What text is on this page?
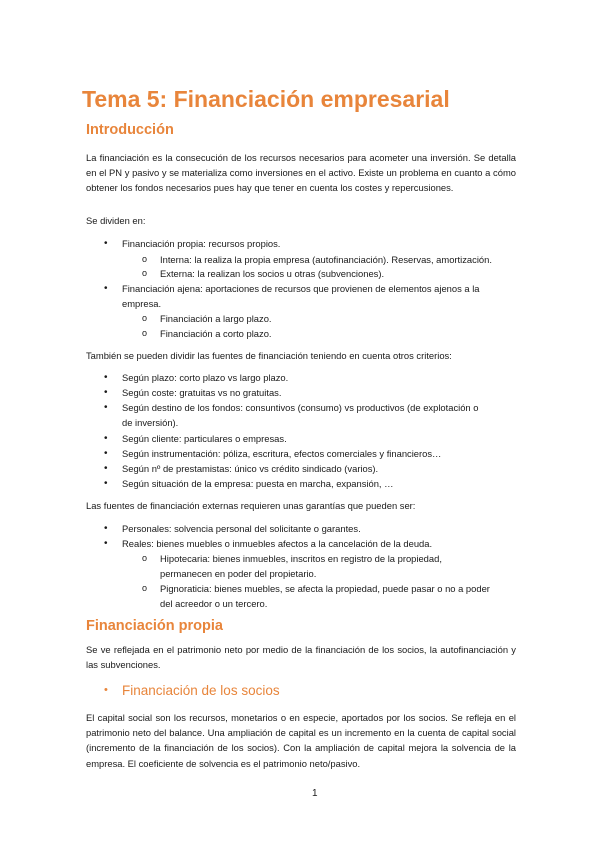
Tema 5: Financiación empresarial
Introducción

La financiación es la consecución de los recursos necesarios para acometer una inversión. Se detalla en el PN y pasivo y se materializa como inversiones en el activo. Existe un problema en cuanto a cómo obtener los fondos necesarios pues hay que tener en cuenta los costes y repercusiones.

Se dividen en:
• Financiación propia: recursos propios.
o Interna: la realiza la propia empresa (autofinanciación). Reservas, amortización.
o Externa: la realizan los socios u otras (subvenciones).
• Financiación ajena: aportaciones de recursos que provienen de elementos ajenos a la
empresa.
o Financiación a largo plazo.
o Financiación a corto plazo.
También se pueden dividir las fuentes de financiación teniendo en cuenta otros criterios:
• Según plazo: corto plazo vs largo plazo.
• Según coste: gratuitas vs no gratuitas.
• Según destino de los fondos: consuntivos (consumo) vs productivos (de explotación o
de inversión).
• Según cliente: particulares o empresas.
• Según instrumentación: póliza, escritura, efectos comerciales y financieros…
• Según nº de prestamistas: único vs crédito sindicado (varios).
• Según situación de la empresa: puesta en marcha, expansión, …
Las fuentes de financiación externas requieren unas garantías que pueden ser:
• Personales: solvencia personal del solicitante o garantes.
• Reales: bienes muebles o inmuebles afectos a la cancelación de la deuda.
o Hipotecaria: bienes inmuebles, inscritos en registro de la propiedad,
permanecen en poder del propietario.
o Pignoraticia: bienes muebles, se afecta la propiedad, puede pasar o no a poder
del acreedor o un tercero.
Financiación propia

Se ve reflejada en el patrimonio neto por medio de la financiación de los socios, la autofinanciación y las subvenciones.

• Financiación de los socios

El capital social son los recursos, monetarios o en especie, aportados por los socios. Se refleja en el patrimonio neto del balance. Una ampliación de capital es un incremento en la cuenta de capital social (incremento de la financiación de los socios). Con la ampliación de capital mejora la solvencia de la empresa. El coeficiente de solvencia es el patrimonio neto/pasivo.

1
